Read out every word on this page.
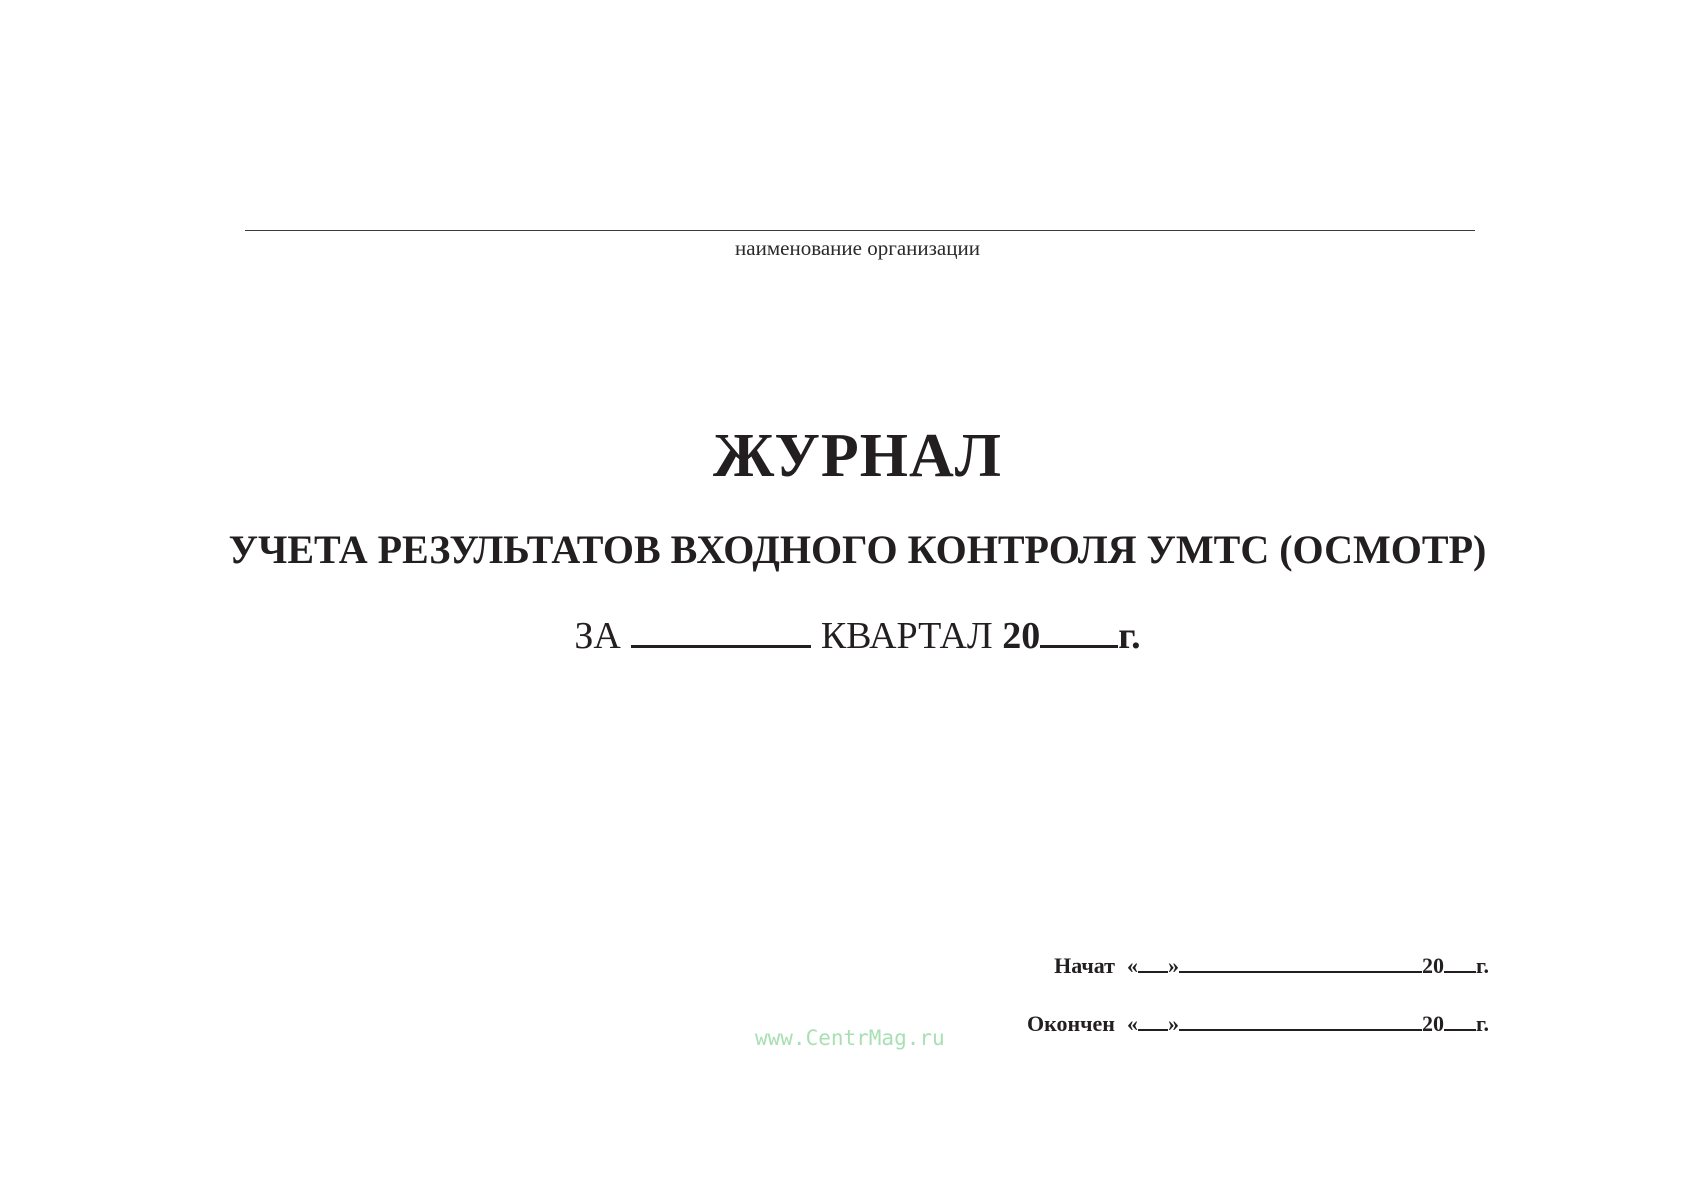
наименование организации
ЖУРНАЛ
УЧЕТА РЕЗУЛЬТАТОВ ВХОДНОГО КОНТРОЛЯ УМТС (ОСМОТР)
ЗА	КВАРТАЛ 20 г.
Начат « »	20 г.
Окончен « »	20 г.
www.CentrMag.ru
